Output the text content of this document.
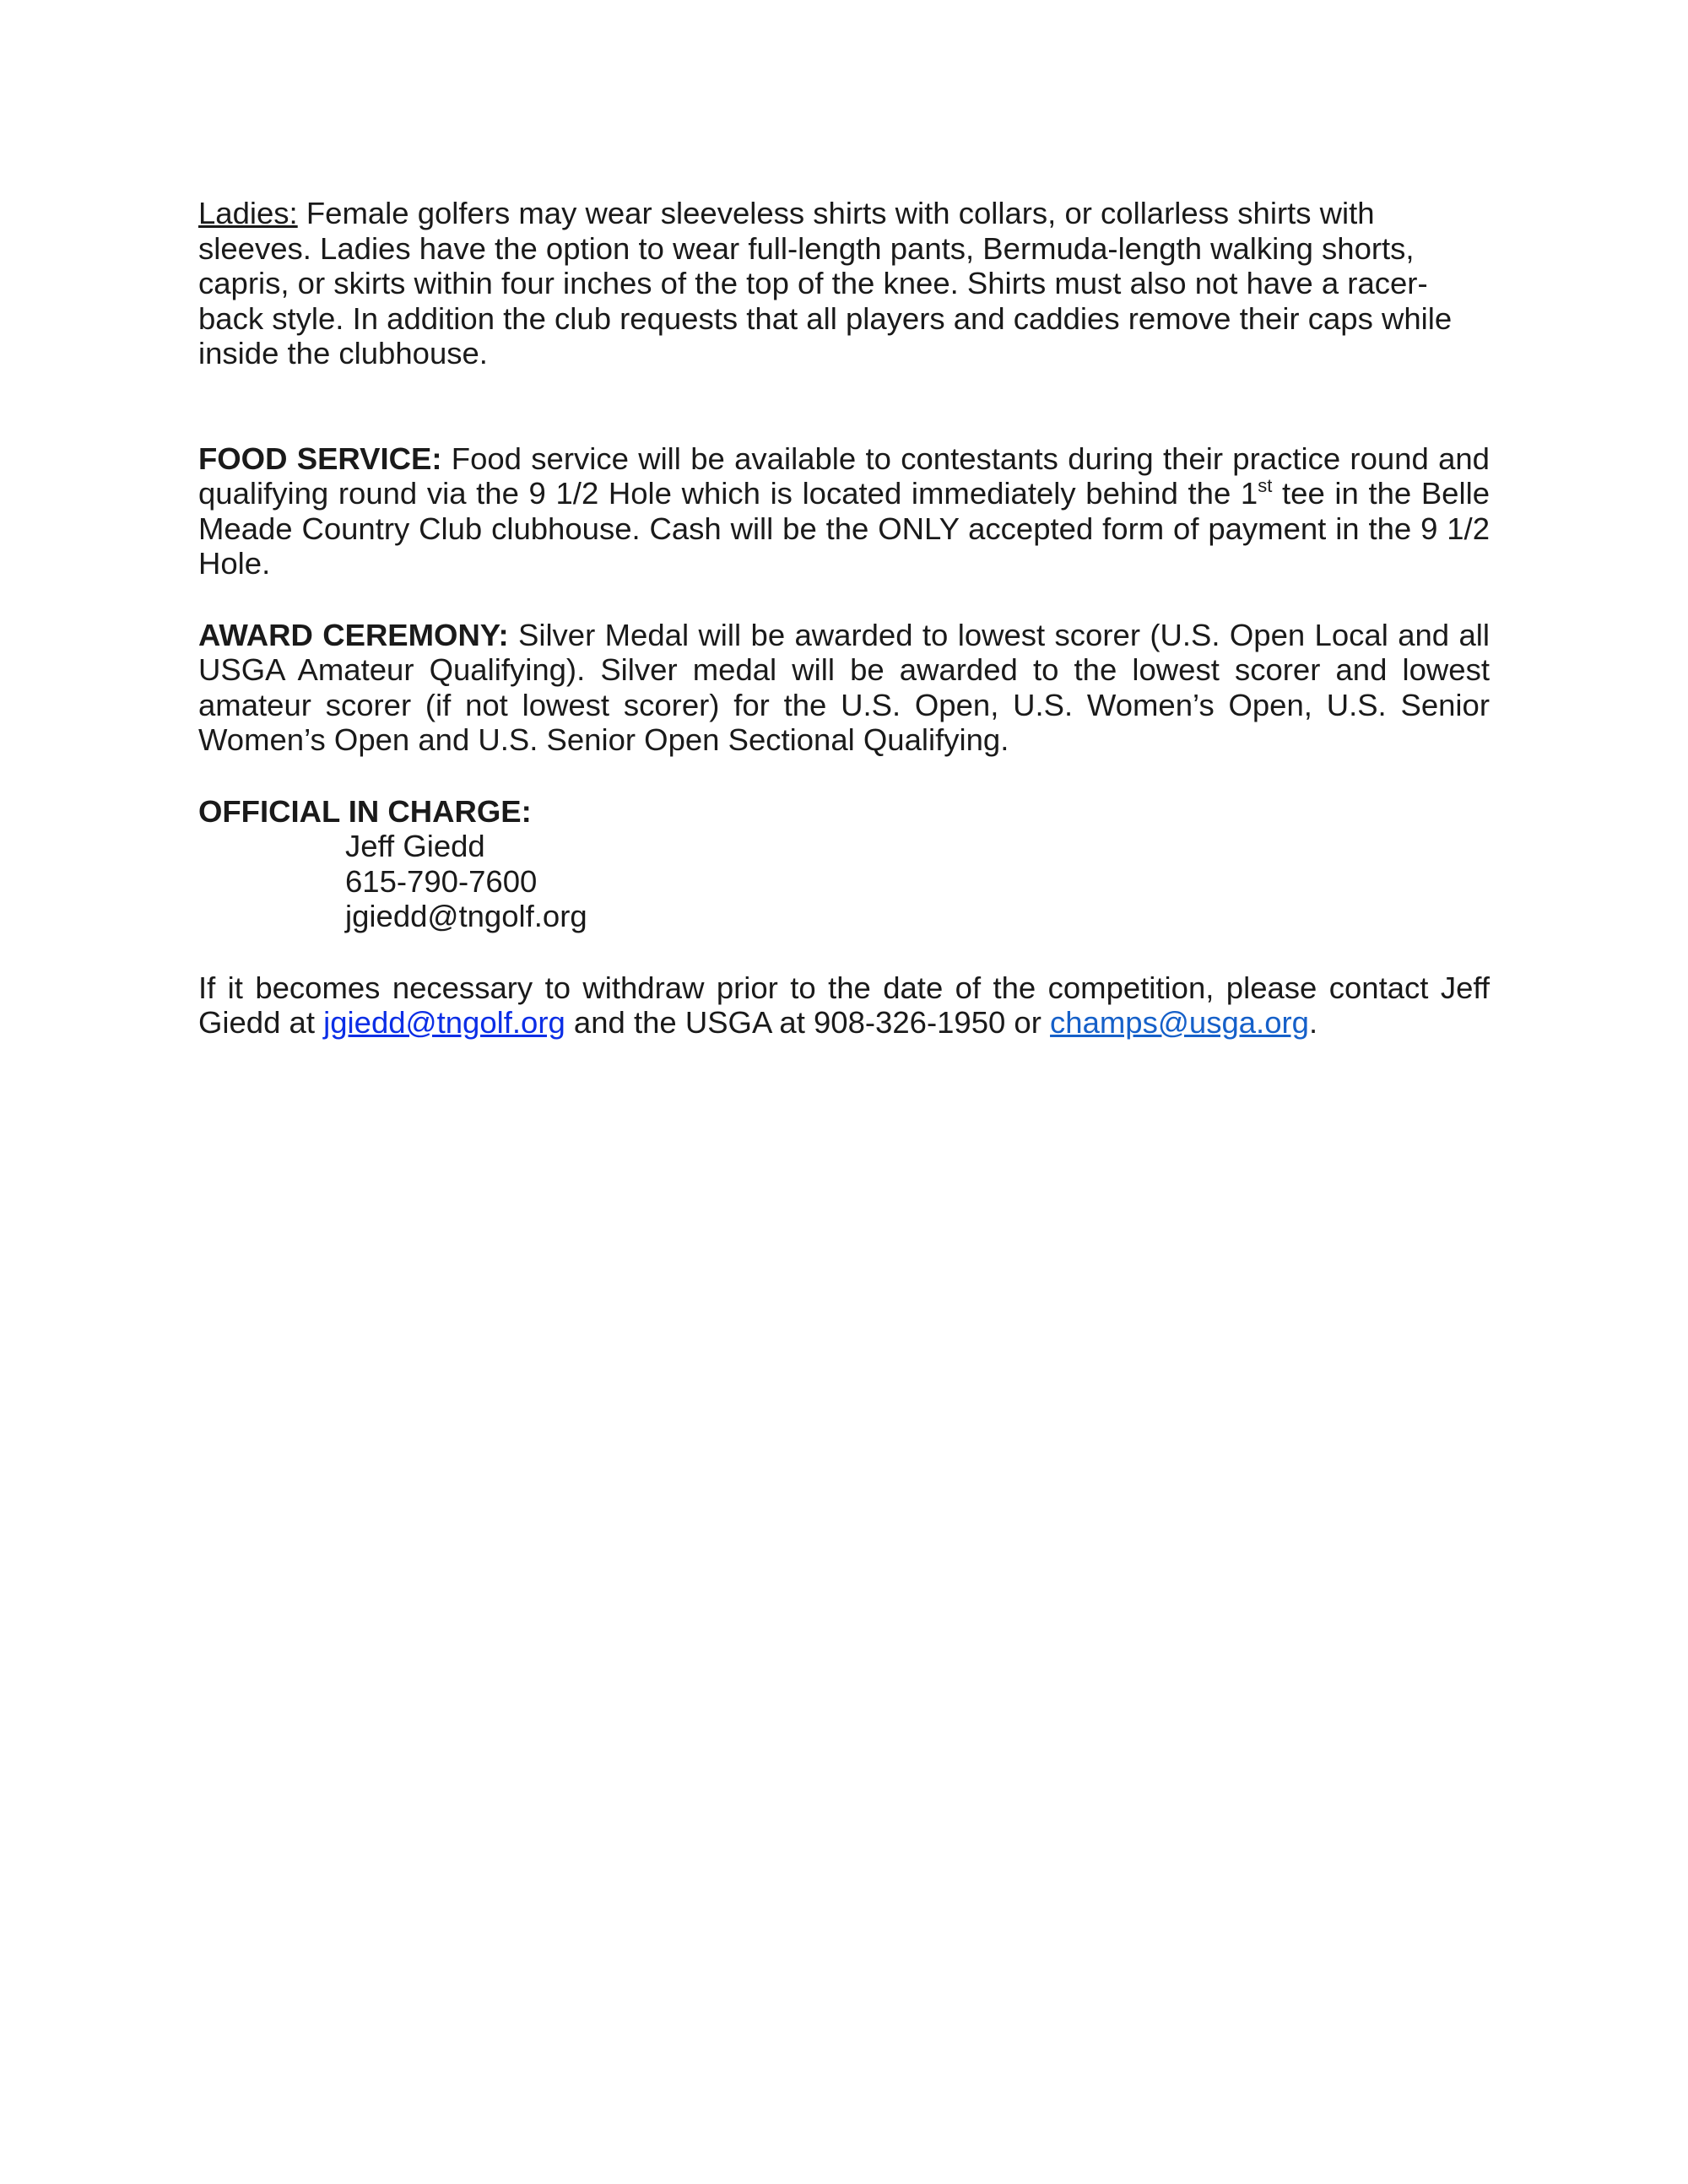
Ladies: Female golfers may wear sleeveless shirts with collars, or collarless shirts with sleeves. Ladies have the option to wear full-length pants, Bermuda-length walking shorts, capris, or skirts within four inches of the top of the knee. Shirts must also not have a racer-back style. In addition the club requests that all players and caddies remove their caps while inside the clubhouse.

FOOD SERVICE: Food service will be available to contestants during their practice round and qualifying round via the 9 1/2 Hole which is located immediately behind the 1st tee in the Belle Meade Country Club clubhouse. Cash will be the ONLY accepted form of payment in the 9 1/2 Hole.

AWARD CEREMONY: Silver Medal will be awarded to lowest scorer (U.S. Open Local and all USGA Amateur Qualifying). Silver medal will be awarded to the lowest scorer and lowest amateur scorer (if not lowest scorer) for the U.S. Open, U.S. Women’s Open, U.S. Senior Women’s Open and U.S. Senior Open Sectional Qualifying.

OFFICIAL IN CHARGE:

Jeff Giedd

615-790-7600

jgiedd@tngolf.org

If it becomes necessary to withdraw prior to the date of the competition, please contact Jeff Giedd at jgiedd@tngolf.org and the USGA at 908-326-1950 or champs@usga.org.
